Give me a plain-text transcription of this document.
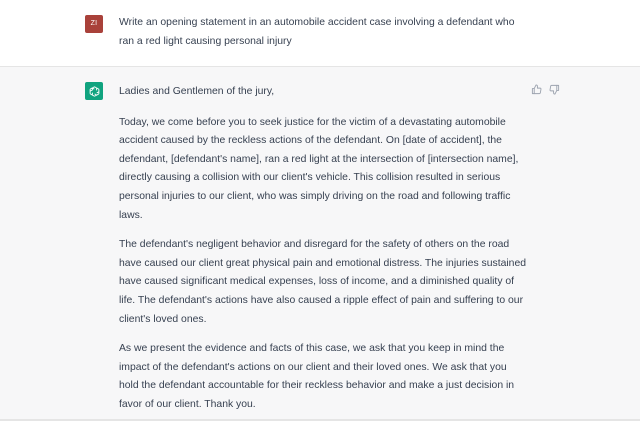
ZI	Write an opening statement in an automobile accident case involving a defendant who ran a red light causing personal injury

Ladies and Gentlemen of the jury,

Today, we come before you to seek justice for the victim of a devastating automobile accident caused by the reckless actions of the defendant. On [date of accident], the defendant, [defendant's name], ran a red light at the intersection of [intersection name], directly causing a collision with our client's vehicle. This collision resulted in serious personal injuries to our client, who was simply driving on the road and following traffic laws.

The defendant's negligent behavior and disregard for the safety of others on the road have caused our client great physical pain and emotional distress. The injuries sustained have caused significant medical expenses, loss of income, and a diminished quality of life. The defendant's actions have also caused a ripple effect of pain and suffering to our client's loved ones.

As we present the evidence and facts of this case, we ask that you keep in mind the impact of the defendant's actions on our client and their loved ones. We ask that you hold the defendant accountable for their reckless behavior and make a just decision in favor of our client. Thank you.
